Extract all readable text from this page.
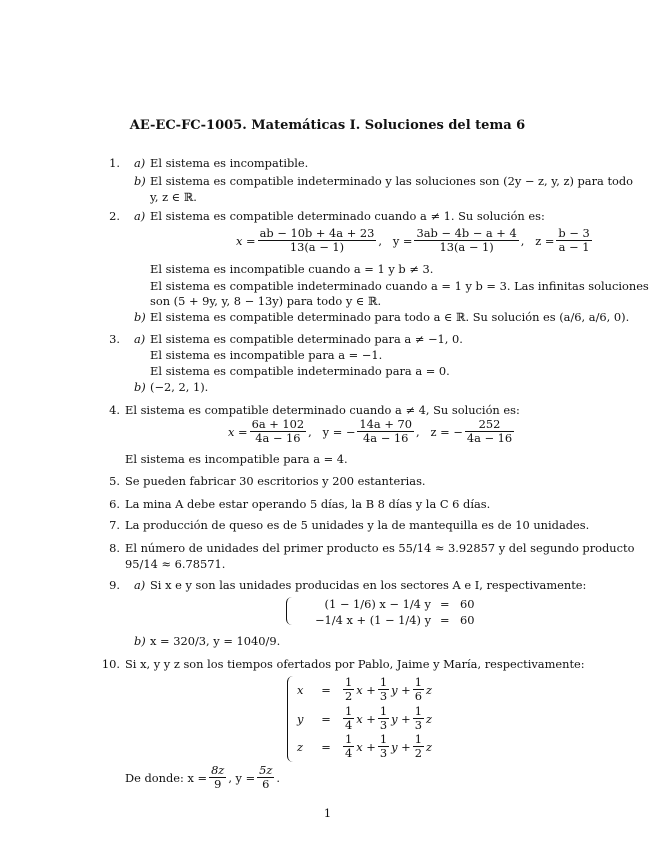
AE-EC-FC-1005. Matemáticas I. Soluciones del tema 6
1. a) El sistema es incompatible.
b) El sistema es compatible indeterminado y las soluciones son (2y − z, y, z) para todo
y, z ∈ ℝ.
2. a) El sistema es compatible determinado cuando a ≠ 1. Su solución es:
$x = \frac{ab - 10b + 4a + 23}{13(a - 1)}$ ,   $y = \frac{3ab - 4b - a + 4}{13(a - 1)}$ ,   $z = \frac{b - 3}{a - 1}$
El sistema es incompatible cuando a = 1 y b ≠ 3.
El sistema es compatible indeterminado cuando a = 1 y b = 3. Las infinitas soluciones
son (5 + 9y, y, 8 − 13y) para todo y ∈ ℝ.
b) El sistema es compatible determinado para todo a ∈ ℝ. Su solución es (a/6, a/6, 0).
3. a) El sistema es compatible determinado para a ≠ −1, 0.
El sistema es incompatible para a = −1.
El sistema es compatible indeterminado para a = 0.
b) (−2, 2, 1).
4. El sistema es compatible determinado cuando a ≠ 4, Su solución es:
$x = \frac{6a + 102}{4a - 16}$ ,   y = − $\frac{14a + 70}{4a - 16}$ ,   z = − $\frac{252}{4a - 16}$
El sistema es incompatible para a = 4.
5. Se pueden fabricar 30 escritorios y 200 estanterias.
6. La mina A debe estar operando 5 días, la B 8 días y la C 6 días.
7. La producción de queso es de 5 unidades y la de mantequilla es de 10 unidades.
8. El número de unidades del primer producto es 55/14 ≈ 3.92857 y del segundo producto
95/14 ≈ 6.78571.
9. a) Si x e y son las unidades producidas en los sectores A e I, respectivamente:
(1 − 1/6) x − 1/4 y = 60
−1/4 x + (1 − 1/4) y = 60
b) x = 320/3, y = 1040/9.
10. Si x, y y z son los tiempos ofertados por Pablo, Jaime y María, respectivamente:
x	=	$\frac{1}{2}$ $x + \frac{1}{3}$ $y + \frac{1}{6}$ z
y	=	$\frac{1}{4}$ $x + \frac{1}{3}$ $y + \frac{1}{3}$ z
z	=	$\frac{1}{4}$ $x + \frac{1}{3}$ $y + \frac{1}{2}$ z
De donde: $x = \frac{8z}{9}$ , $y = \frac{5z}{6}$ .
1
